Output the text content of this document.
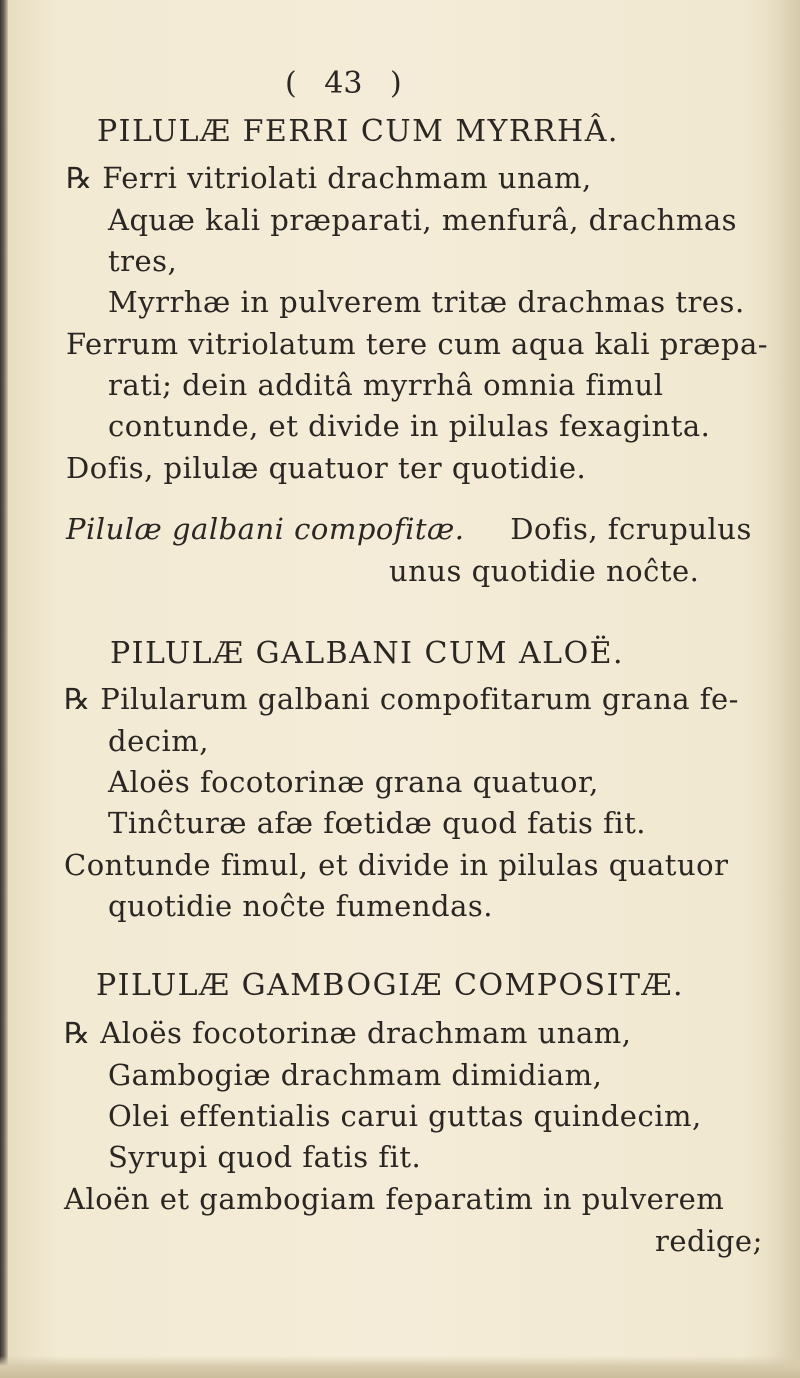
( 43 )
PILULÆ FERRI CUM MYRRHÂ.
℞ Ferri vitriolati drachmam unam,
Aquæ kali præparati, menfurâ, drachmas
tres,
Myrrhæ in pulverem tritæ drachmas tres.
Ferrum vitriolatum tere cum aqua kali præpa-
rati; dein additâ myrrhâ omnia fimul
contunde, et divide in pilulas fexaginta.
Dofis, pilulæ quatuor ter quotidie.
Pilulæ galbani compofitæ. Dofis, fcrupulus
unus quotidie noĉte.
PILULÆ GALBANI CUM ALOË.
℞ Pilularum galbani compofitarum grana fe-
decim,
Aloës focotorinæ grana quatuor,
Tinĉturæ afæ fœtidæ quod fatis fit.
Contunde fimul, et divide in pilulas quatuor
quotidie noĉte fumendas.
PILULÆ GAMBOGIÆ COMPOSITÆ.
℞ Aloës focotorinæ drachmam unam,
Gambogiæ drachmam dimidiam,
Olei effentialis carui guttas quindecim,
Syrupi quod fatis fit.
Aloën et gambogiam feparatim in pulverem
redige;
